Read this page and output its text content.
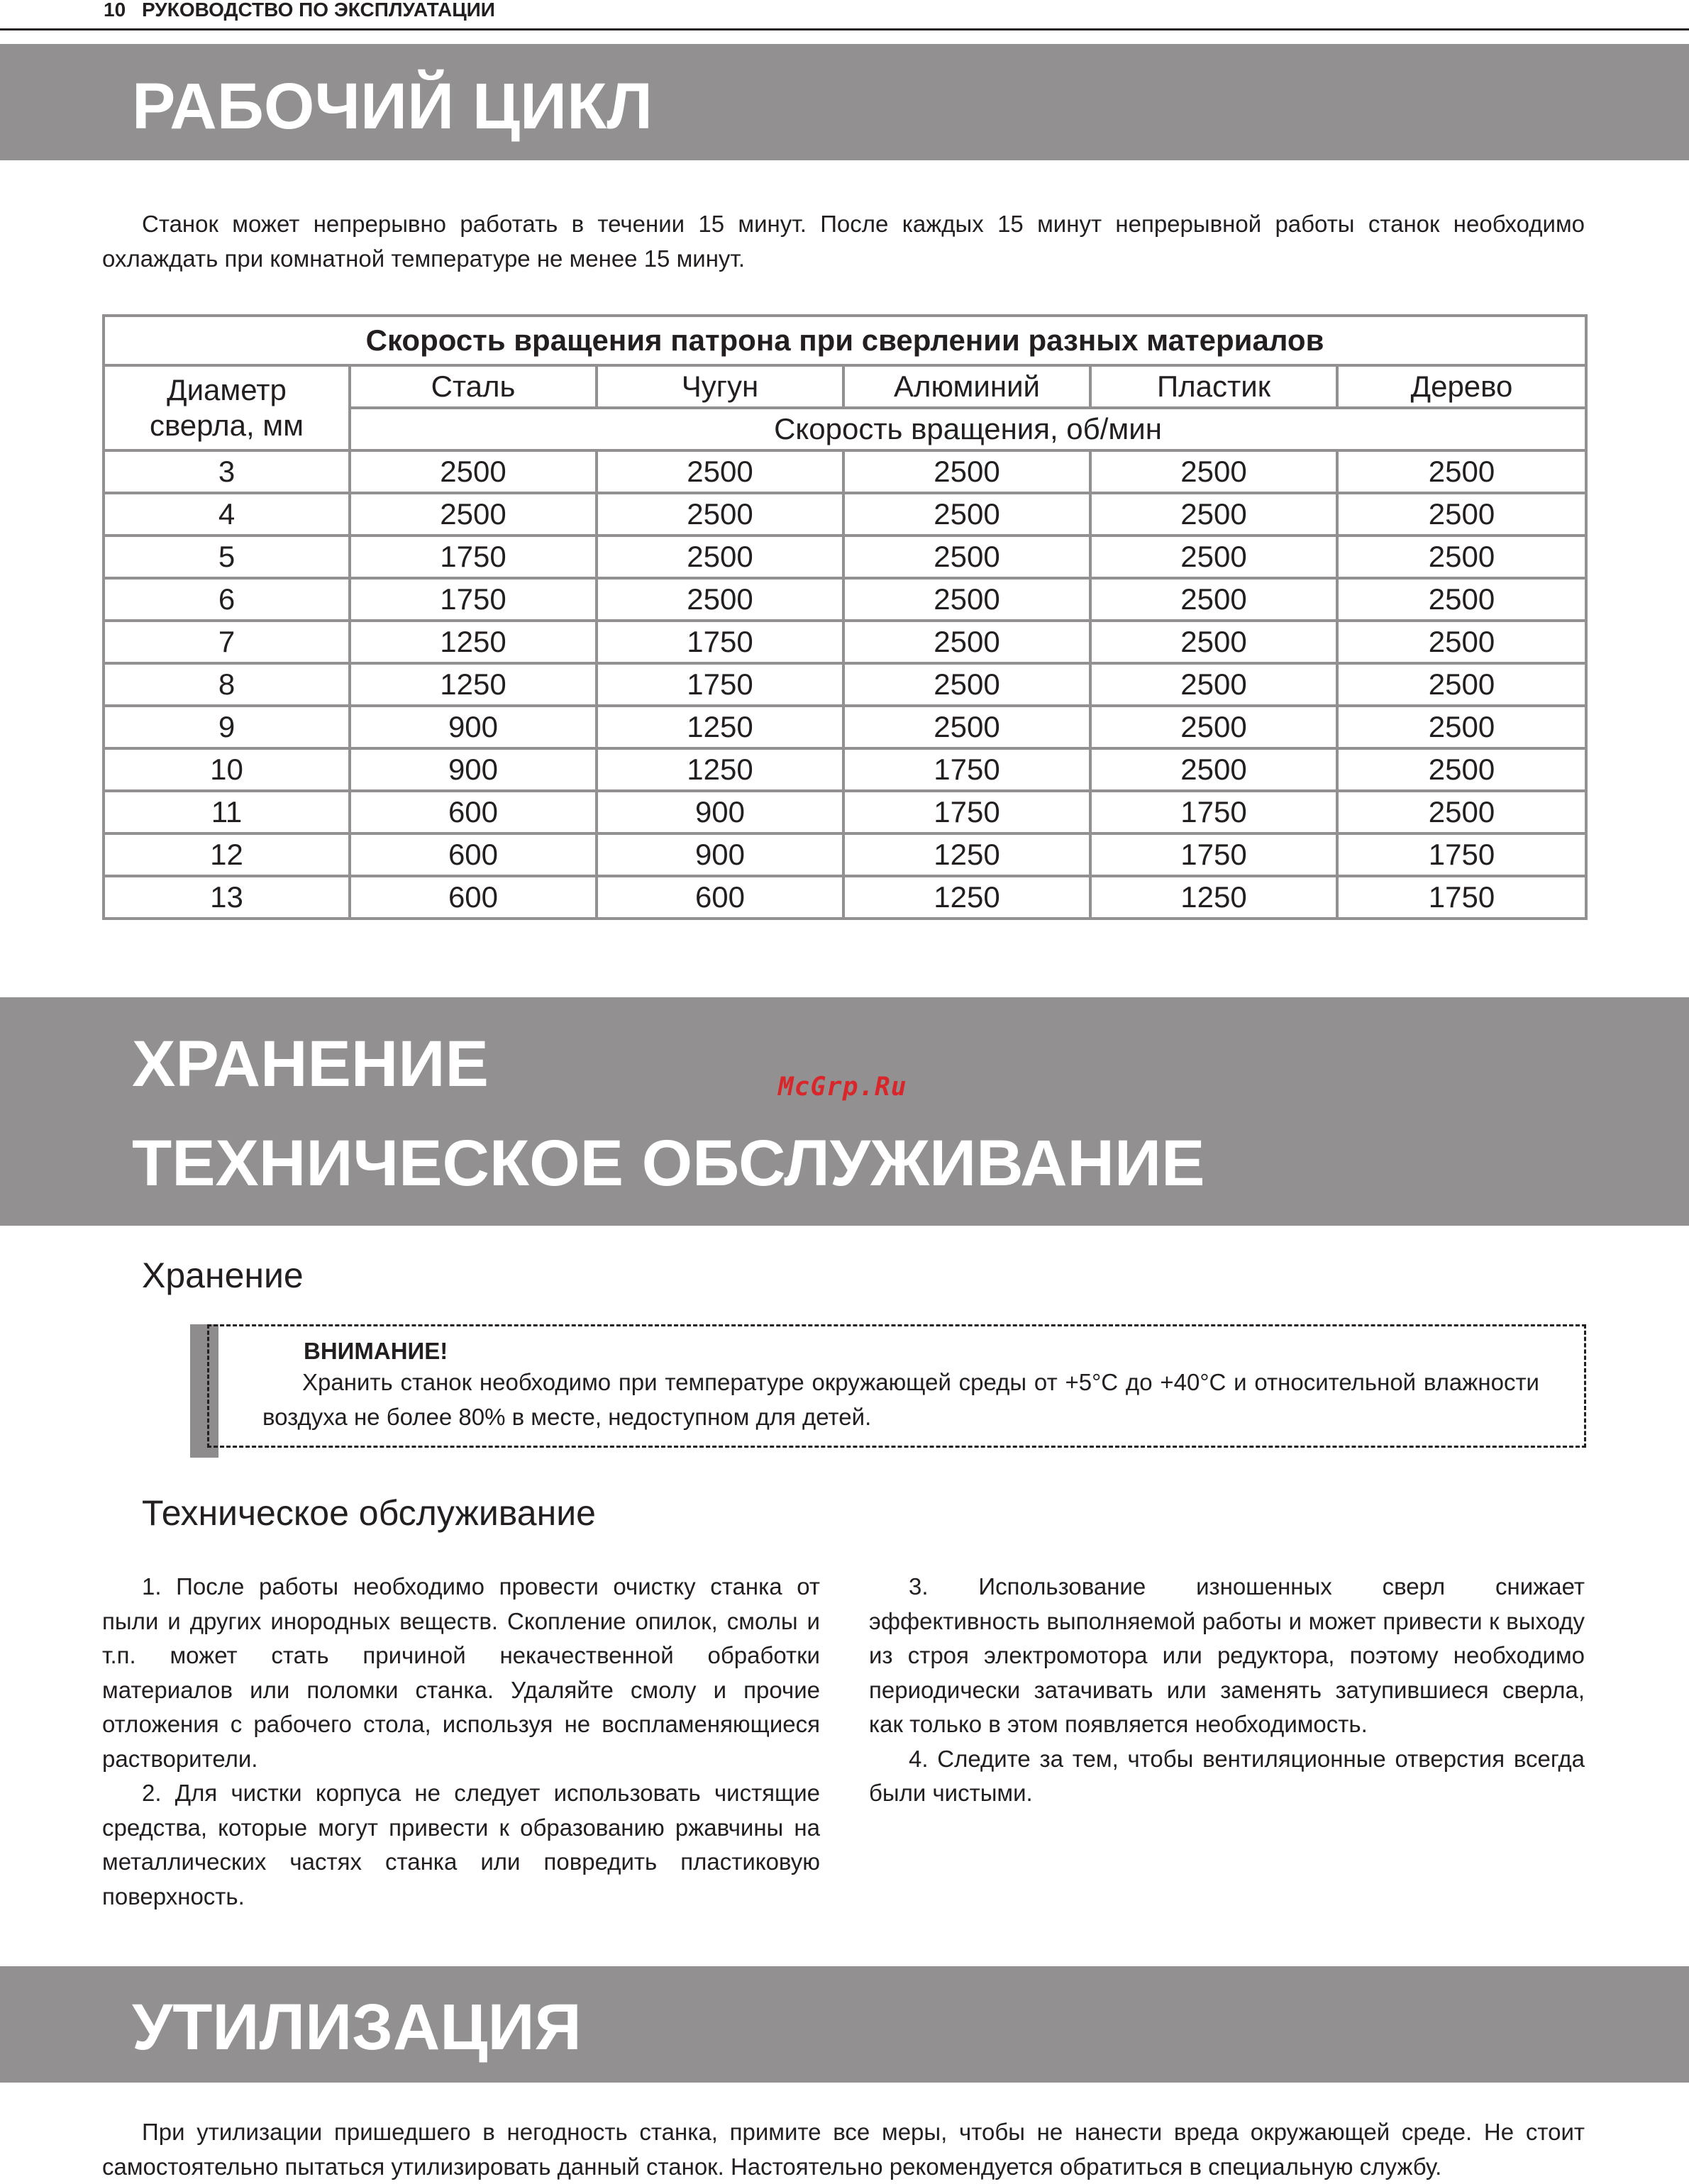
10 РУКОВОДСТВО ПО ЭКСПЛУАТАЦИИ
РАБОЧИЙ ЦИКЛ

Станок может непрерывно работать в течении 15 минут. После каждых 15 минут непрерывной работы станок необходимо охлаждать при комнатной температуре не менее 15 минут.

Скорость вращения патрона при сверлении разных материалов					
Диаметр сверла, мм	Сталь	Чугун	Алюминий	Пластик	Дерево
	Скорость вращения, об/мин				
3	2500	2500	2500	2500	2500
4	2500	2500	2500	2500	2500
5	1750	2500	2500	2500	2500
6	1750	2500	2500	2500	2500
7	1250	1750	2500	2500	2500
8	1250	1750	2500	2500	2500
9	900	1250	2500	2500	2500
10	900	1250	1750	2500	2500
11	600	900	1750	1750	2500
12	600	900	1250	1750	1750
13	600	600	1250	1250	1750
ХРАНЕНИЕ
ТЕХНИЧЕСКОЕ ОБСЛУЖИВАНИЕ
McGrp.Ru
Хранение
ВНИМАНИЕ!
Хранить станок необходимо при температуре окружающей среды от +5°С до +40°С и относительной влажности воздуха не более 80% в месте, недоступном для детей.
Техническое обслуживание

1. После работы необходимо провести очистку станка от пыли и других инородных веществ. Скопление опилок, смолы и т.п. может стать причиной некачественной обработки материалов или поломки станка. Удаляйте смолу и прочие отложения с рабочего стола, используя не воспламеняющиеся растворители.

2. Для чистки корпуса не следует использовать чистящие средства, которые могут привести к образованию ржавчины на металлических частях станка или повредить пластиковую поверхность.

3. Использование изношенных сверл снижает эффективность выполняемой работы и может привести к выходу из строя электромотора или редуктора, поэтому необходимо периодически затачивать или заменять затупившиеся сверла, как только в этом появляется необходимость.

4. Следите за тем, чтобы вентиляционные отверстия всегда были чистыми.

УТИЛИЗАЦИЯ

При утилизации пришедшего в негодность станка, примите все меры, чтобы не нанести вреда окружающей среде. Не стоит самостоятельно пытаться утилизировать данный станок. Настоятельно рекомендуется обратиться в специальную службу.
